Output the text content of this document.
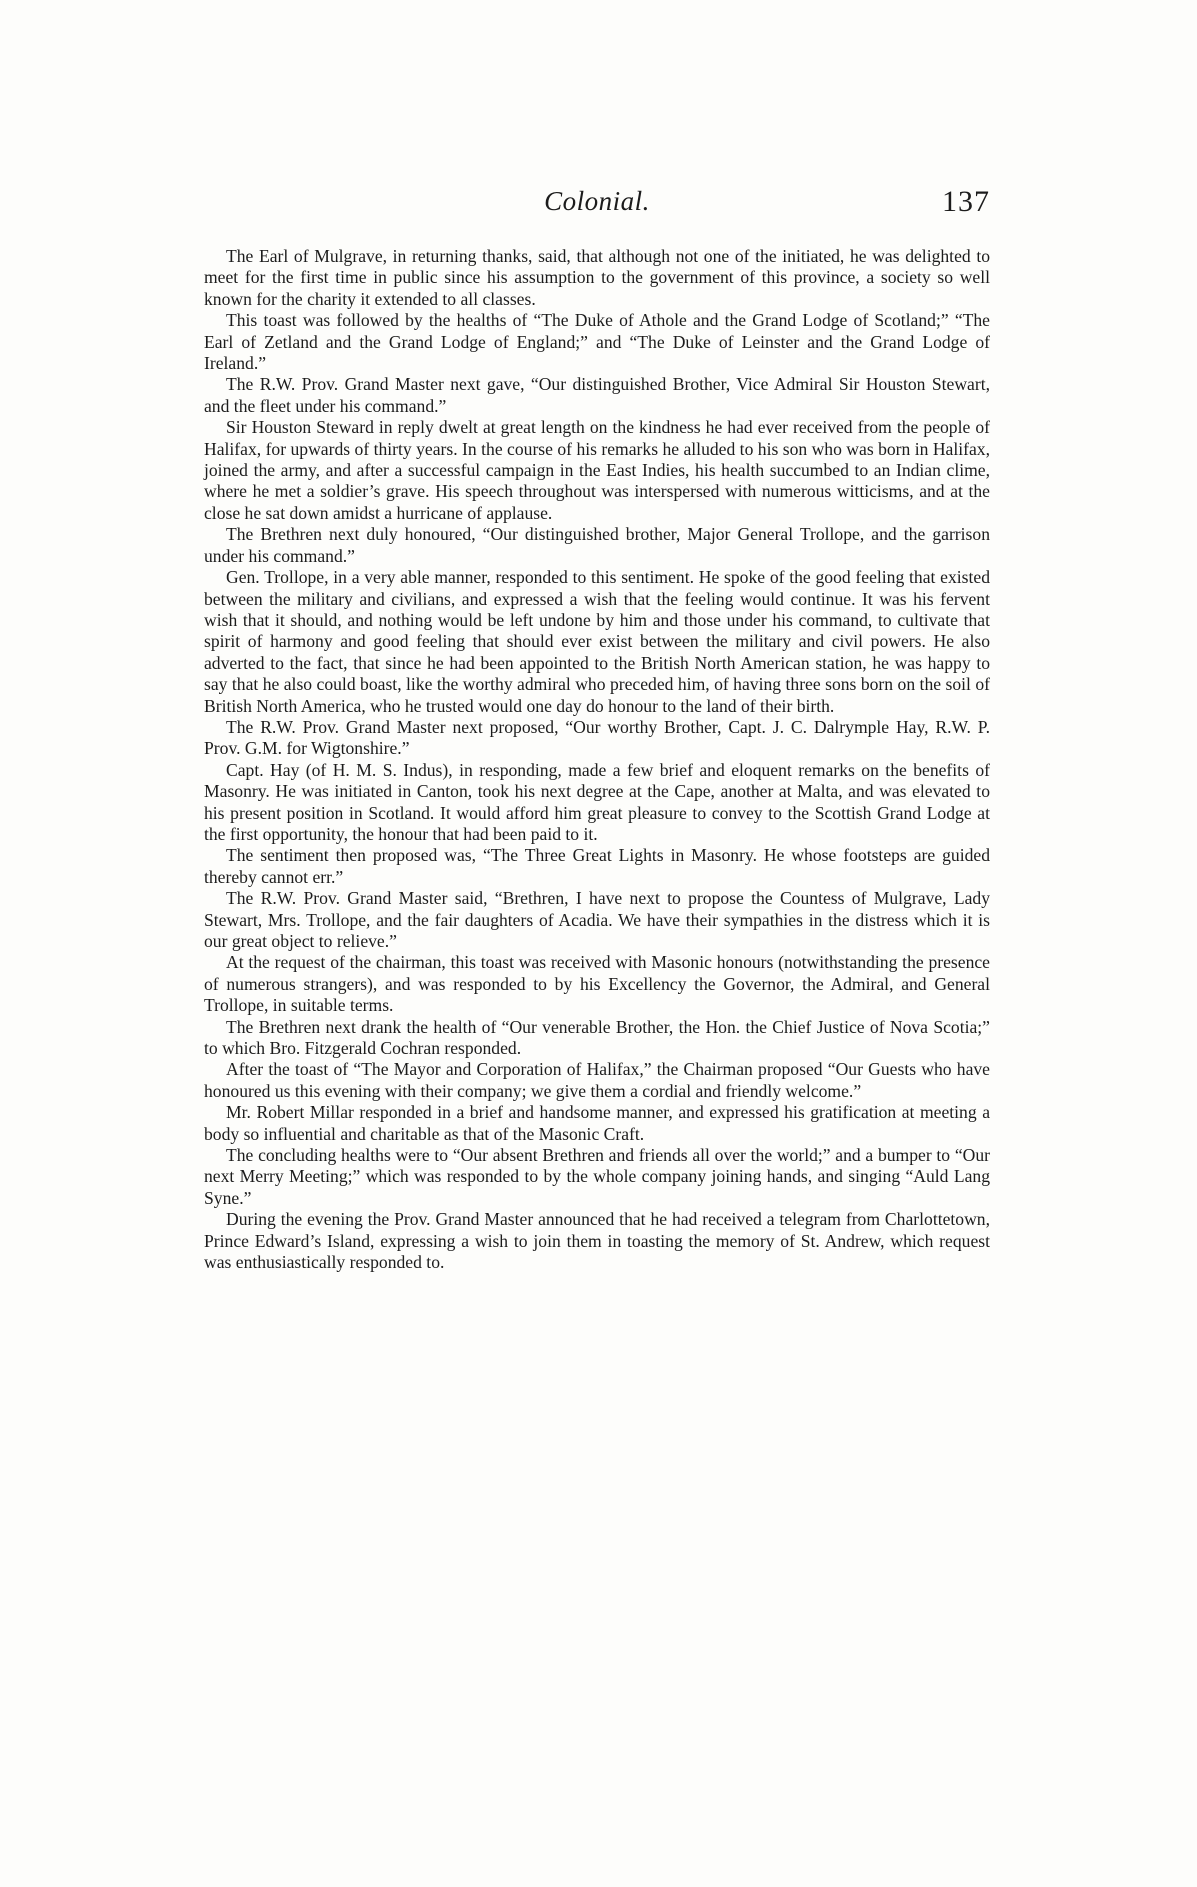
Colonial.	137

The Earl of Mulgrave, in returning thanks, said, that although not one of the initiated, he was delighted to meet for the first time in public since his assumption to the government of this province, a society so well known for the charity it extended to all classes.

This toast was followed by the healths of “The Duke of Athole and the Grand Lodge of Scotland;” “The Earl of Zetland and the Grand Lodge of England;” and “The Duke of Leinster and the Grand Lodge of Ireland.”

The R.W. Prov. Grand Master next gave, “Our distinguished Brother, Vice Admiral Sir Houston Stewart, and the fleet under his command.”

Sir Houston Steward in reply dwelt at great length on the kindness he had ever received from the people of Halifax, for upwards of thirty years. In the course of his remarks he alluded to his son who was born in Halifax, joined the army, and after a successful campaign in the East Indies, his health succumbed to an Indian clime, where he met a soldier’s grave. His speech throughout was interspersed with numerous witticisms, and at the close he sat down amidst a hurricane of applause.

The Brethren next duly honoured, “Our distinguished brother, Major General Trollope, and the garrison under his command.”

Gen. Trollope, in a very able manner, responded to this sentiment. He spoke of the good feeling that existed between the military and civilians, and expressed a wish that the feeling would continue. It was his fervent wish that it should, and nothing would be left undone by him and those under his command, to cultivate that spirit of harmony and good feeling that should ever exist between the military and civil powers. He also adverted to the fact, that since he had been appointed to the British North American station, he was happy to say that he also could boast, like the worthy admiral who preceded him, of having three sons born on the soil of British North America, who he trusted would one day do honour to the land of their birth.

The R.W. Prov. Grand Master next proposed, “Our worthy Brother, Capt. J. C. Dalrymple Hay, R.W. P. Prov. G.M. for Wigtonshire.”

Capt. Hay (of H. M. S. Indus), in responding, made a few brief and eloquent remarks on the benefits of Masonry. He was initiated in Canton, took his next degree at the Cape, another at Malta, and was elevated to his present position in Scotland. It would afford him great pleasure to convey to the Scottish Grand Lodge at the first opportunity, the honour that had been paid to it.

The sentiment then proposed was, “The Three Great Lights in Masonry. He whose footsteps are guided thereby cannot err.”

The R.W. Prov. Grand Master said, “Brethren, I have next to propose the Countess of Mulgrave, Lady Stewart, Mrs. Trollope, and the fair daughters of Acadia. We have their sympathies in the distress which it is our great object to relieve.”

At the request of the chairman, this toast was received with Masonic honours (notwithstanding the presence of numerous strangers), and was responded to by his Excellency the Governor, the Admiral, and General Trollope, in suitable terms.

The Brethren next drank the health of “Our venerable Brother, the Hon. the Chief Justice of Nova Scotia;” to which Bro. Fitzgerald Cochran responded.

After the toast of “The Mayor and Corporation of Halifax,” the Chairman proposed “Our Guests who have honoured us this evening with their company; we give them a cordial and friendly welcome.”

Mr. Robert Millar responded in a brief and handsome manner, and expressed his gratification at meeting a body so influential and charitable as that of the Masonic Craft.

The concluding healths were to “Our absent Brethren and friends all over the world;” and a bumper to “Our next Merry Meeting;” which was responded to by the whole company joining hands, and singing “Auld Lang Syne.”

During the evening the Prov. Grand Master announced that he had received a telegram from Charlottetown, Prince Edward’s Island, expressing a wish to join them in toasting the memory of St. Andrew, which request was enthusiastically responded to.
